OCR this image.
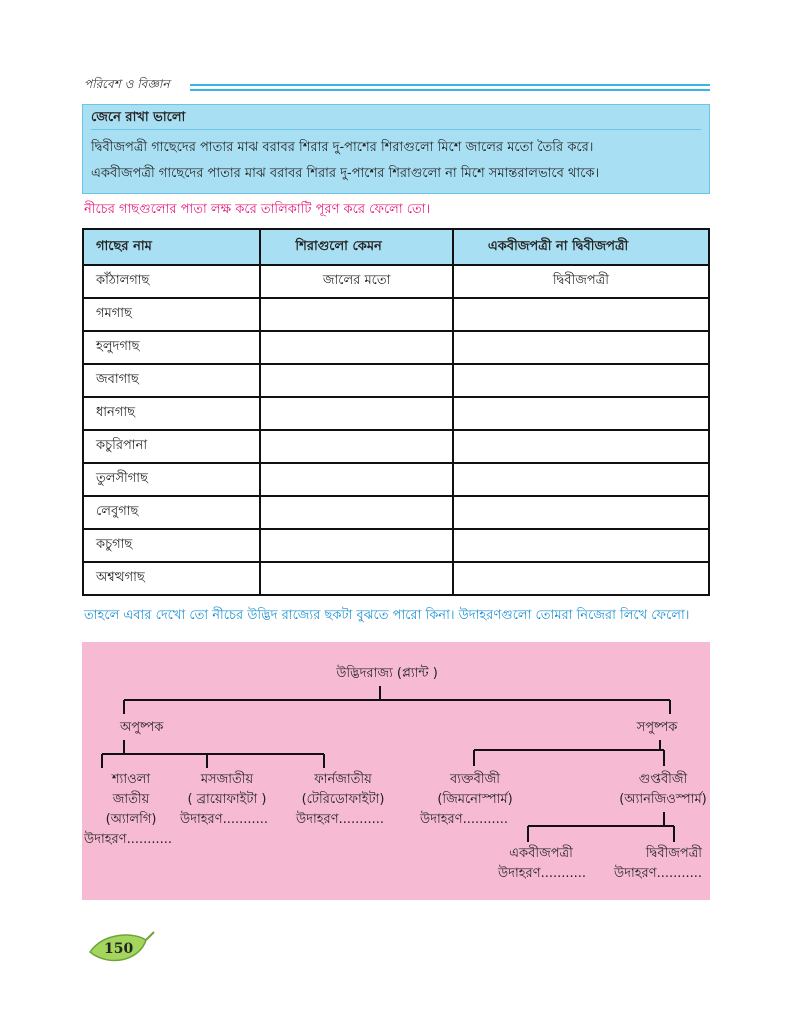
পরিবেশ ও বিজ্ঞান
জেনে রাখা ভালো
দ্বিবীজপত্রী গাছেদের পাতার মাঝ বরাবর শিরার দু-পাশের শিরাগুলো মিশে জালের মতো তৈরি করে।
একবীজপত্রী গাছেদের পাতার মাঝ বরাবর শিরার দু-পাশের শিরাগুলো না মিশে সমান্তরালভাবে থাকে।
নীচের গাছগুলোর পাতা লক্ষ করে তালিকাটি পূরণ করে ফেলো তো।
গাছের নাম	শিরাগুলো কেমন	একবীজপত্রী না দ্বিবীজপত্রী
কাঁঠালগাছ	জালের মতো	দ্বিবীজপত্রী
গমগাছ		
হলুদগাছ		
জবাগাছ		
ধানগাছ		
কচুরিপানা		
তুলসীগাছ		
লেবুগাছ		
কচুগাছ		
অশ্বত্থগাছ		
তাহলে এবার দেখো তো নীচের উদ্ভিদ রাজ্যের ছকটা বুঝতে পারো কিনা। উদাহরণগুলো তোমরা নিজেরা লিখে ফেলো।
উদ্ভিদরাজ্য (প্ল্যান্ট )
অপুষ্পক	সপুষ্পক
শ্যাওলা
জাতীয়
(অ্যালগি)
উদাহরণ...........
মসজাতীয়
( ব্রায়োফাইটা )
উদাহরণ...........
ফার্নজাতীয়
(টেরিডোফাইটা)
উদাহরণ...........
ব্যক্তবীজী
(জিমনোস্পার্ম)
উদাহরণ...........
গুপ্তবীজী
(অ্যানজিওস্পার্ম)
একবীজপত্রী
উদাহরণ...........
দ্বিবীজপত্রী
উদাহরণ...........
150
